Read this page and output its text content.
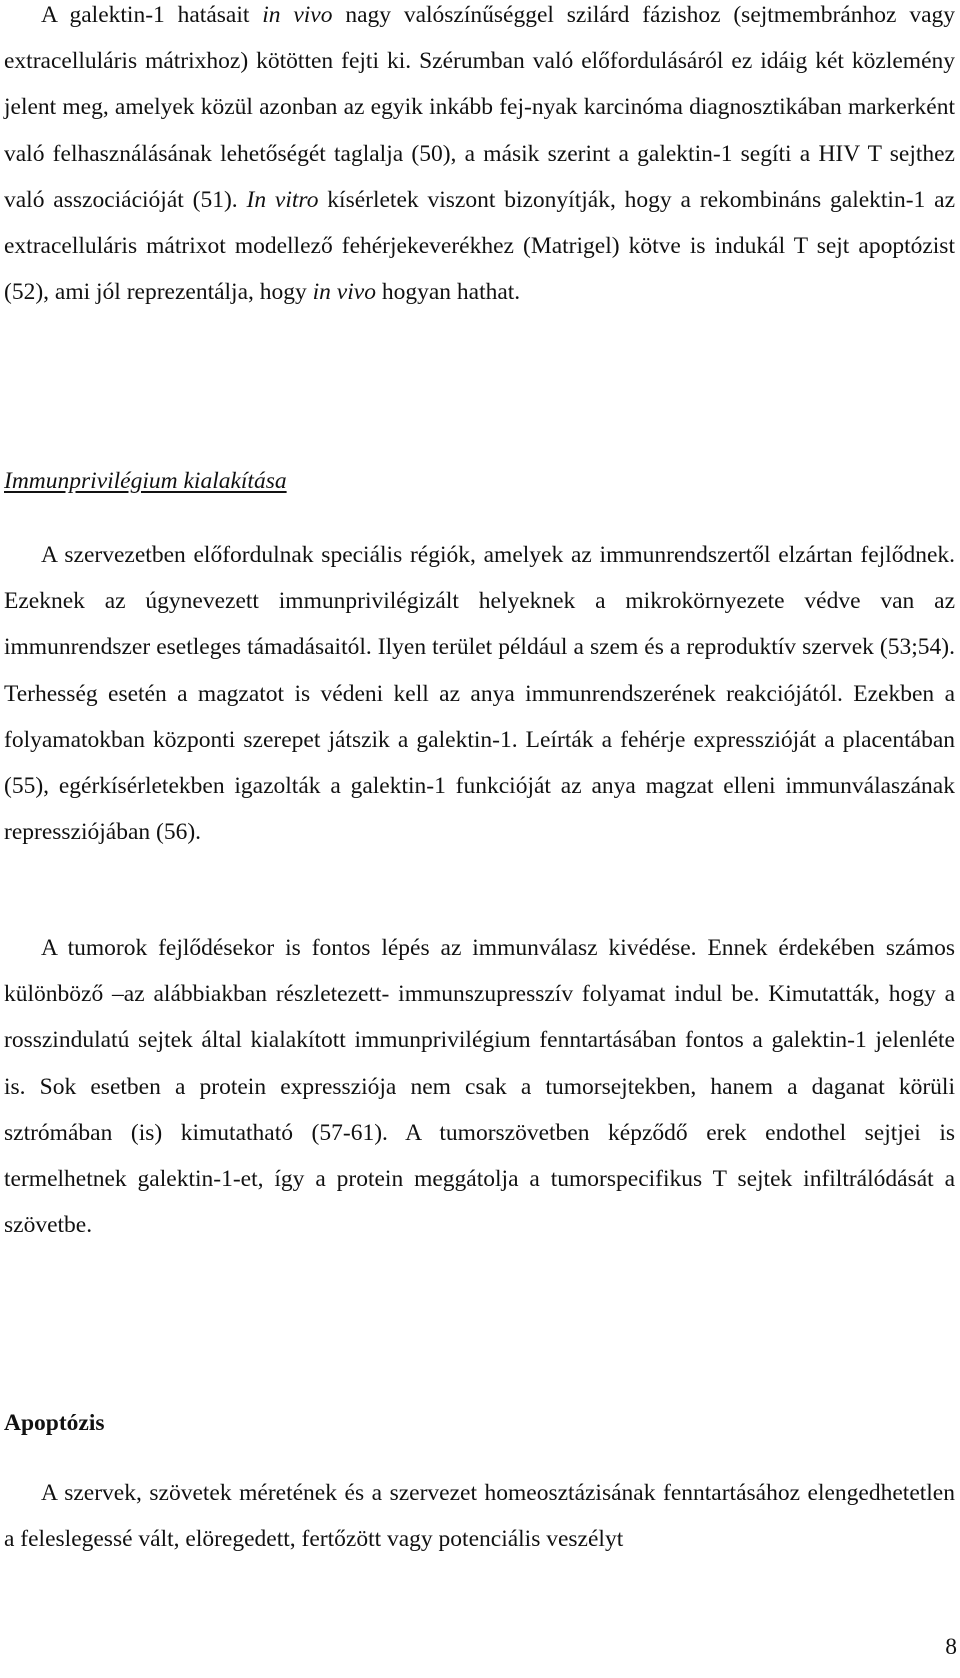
A galektin-1 hatásait in vivo nagy valószínűséggel szilárd fázishoz (sejtmembránhoz vagy extracelluláris mátrixhoz) kötötten fejti ki. Szérumban való előfordulásáról ez idáig két közlemény jelent meg, amelyek közül azonban az egyik inkább fej-nyak karcinóma diagnosztikában markerként való felhasználásának lehetőségét taglalja (50), a másik szerint a galektin-1 segíti a HIV T sejthez való asszociációját (51). In vitro kísérletek viszont bizonyítják, hogy a rekombináns galektin-1 az extracelluláris mátrixot modellező fehérjekeverékhez (Matrigel) kötve is indukál T sejt apoptózist (52), ami jól reprezentálja, hogy in vivo hogyan hathat.

Immunprivilégium kialakítása

A szervezetben előfordulnak speciális régiók, amelyek az immunrendszertől elzártan fejlődnek. Ezeknek az úgynevezett immunprivilégizált helyeknek a mikrokörnyezete védve van az immunrendszer esetleges támadásaitól. Ilyen terület például a szem és a reproduktív szervek (53;54). Terhesség esetén a magzatot is védeni kell az anya immunrendszerének reakciójától. Ezekben a folyamatokban központi szerepet játszik a galektin-1. Leírták a fehérje expresszióját a placentában (55), egérkísérletekben igazolták a galektin-1 funkcióját az anya magzat elleni immunválaszának repressziójában (56).

A tumorok fejlődésekor is fontos lépés az immunválasz kivédése. Ennek érdekében számos különböző –az alábbiakban részletezett- immunszupresszív folyamat indul be. Kimutatták, hogy a rosszindulatú sejtek által kialakított immunprivilégium fenntartásában fontos a galektin-1 jelenléte is. Sok esetben a protein expressziója nem csak a tumorsejtekben, hanem a daganat körüli sztrómában (is) kimutatható (57-61). A tumorszövetben képződő erek endothel sejtjei is termelhetnek galektin-1-et, így a protein meggátolja a tumorspecifikus T sejtek infiltrálódását a szövetbe.

Apoptózis

A szervek, szövetek méretének és a szervezet homeosztázisának fenntartásához elengedhetetlen a feleslegessé vált, elöregedett, fertőzött vagy potenciális veszélyt

8
